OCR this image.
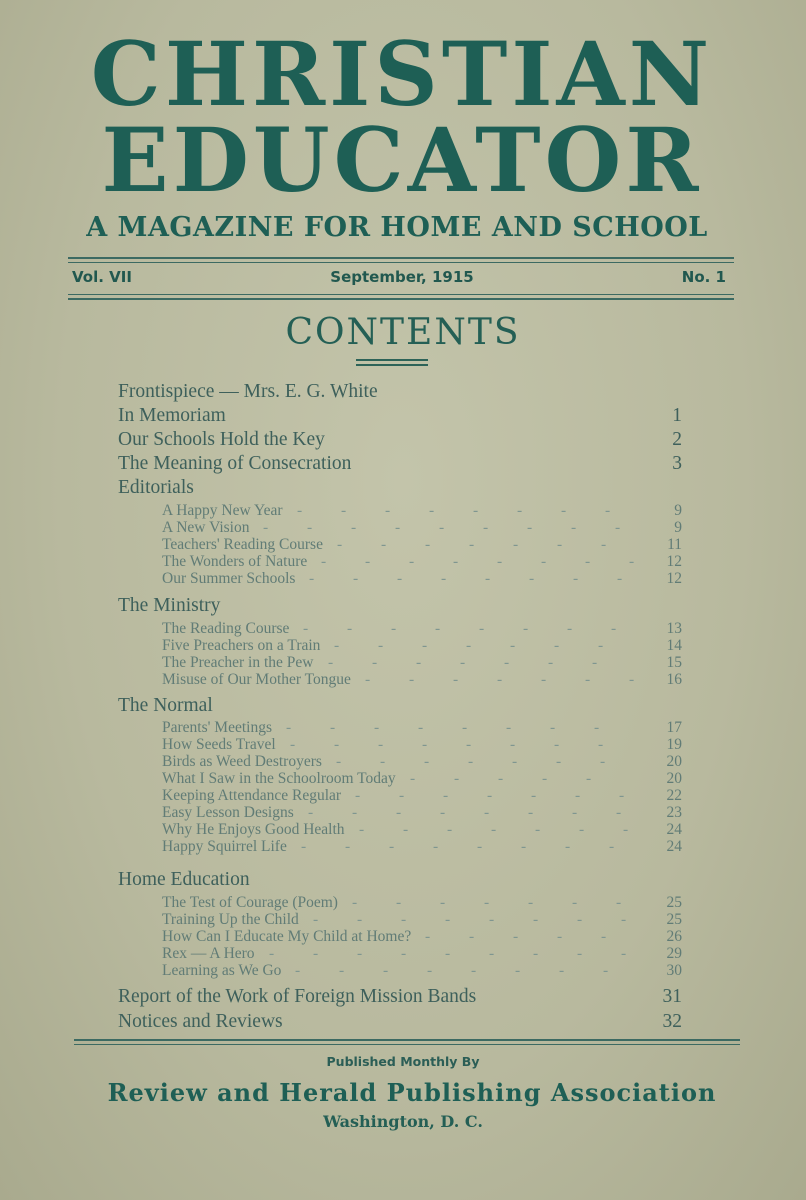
CHRISTIAN
EDUCATOR
A MAGAZINE FOR HOME AND SCHOOL
September, 1915
Vol. VII	No. 1
CONTENTS
Frontispiece — Mrs. E. G. White
In Memoriam	1
Our Schools Hold the Key	2
The Meaning of Consecration	3
Editorials
A Happy New Year	9
-	-	-	-	-	-	-	-
A New Vision	9
-	-	-	-	-	-	-	-	-
Teachers' Reading Course	11
-	-	-	-	-	-	-
The Wonders of Nature	12
-	-	-	-	-	-	-	-
Our Summer Schools	12
-	-	-	-	-	-	-	-
The Ministry
The Reading Course	13
-	-	-	-	-	-	-	-
Five Preachers on a Train	14
-	-	-	-	-	-	-
The Preacher in the Pew	15
-	-	-	-	-	-	-
Misuse of Our Mother Tongue	16
-	-	-	-	-	-	-
The Normal
Parents' Meetings	17
-	-	-	-	-	-	-	-
How Seeds Travel	19
-	-	-	-	-	-	-	-
Birds as Weed Destroyers	20
-	-	-	-	-	-	-
What I Saw in the Schoolroom Today	20
-	-	-	-	-
Keeping Attendance Regular	22
-	-	-	-	-	-	-
Easy Lesson Designs	23
-	-	-	-	-	-	-	-
Why He Enjoys Good Health	24
-	-	-	-	-	-	-
Happy Squirrel Life	24
-	-	-	-	-	-	-	-
Home Education
The Test of Courage (Poem)	25
-	-	-	-	-	-	-
Training Up the Child	25
-	-	-	-	-	-	-	-
How Can I Educate My Child at Home?	26
-	-	-	-	-
Rex — A Hero	29
-	-	-	-	-	-	-	-	-
Learning as We Go	30
-	-	-	-	-	-	-	-
Report of the Work of Foreign Mission Bands	31
Notices and Reviews	32
Published Monthly By
Review and Herald Publishing Association
Washington, D. C.
